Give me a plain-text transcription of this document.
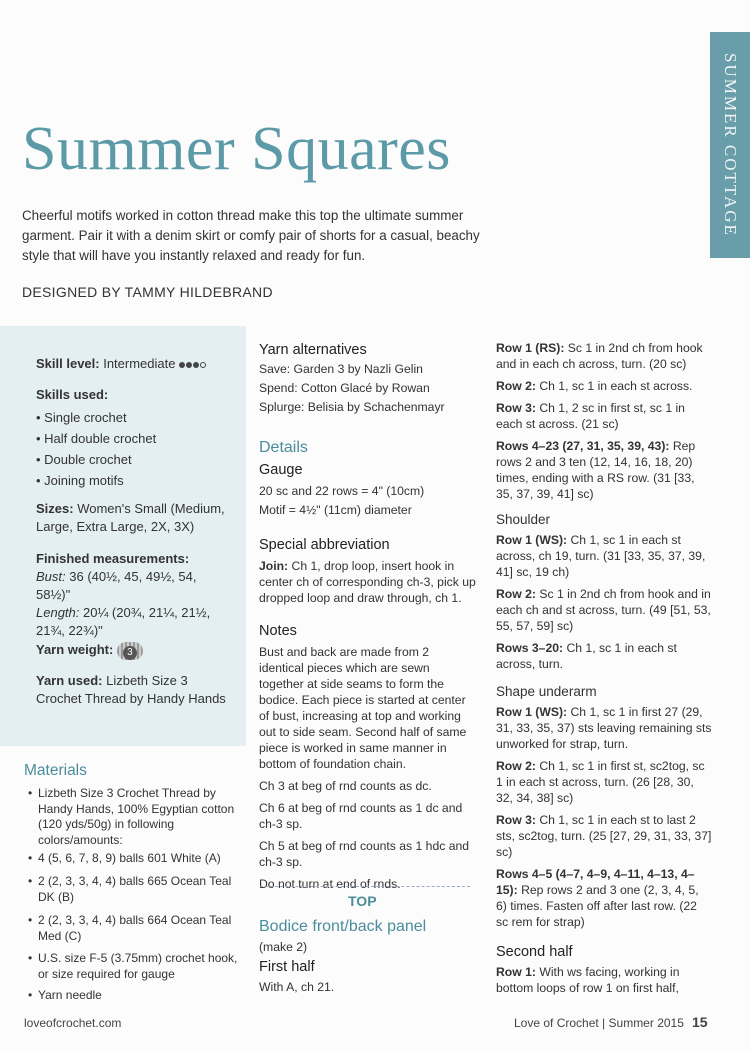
SUMMER COTTAGE
Summer Squares
Cheerful motifs worked in cotton thread make this top the ultimate summer garment. Pair it with a denim skirt or comfy pair of shorts for a casual, beachy style that will have you instantly relaxed and ready for fun.
DESIGNED BY TAMMY HILDEBRAND
Skill level: Intermediate
Skills used:
• Single crochet
• Half double crochet
• Double crochet
• Joining motifs
Sizes: Women's Small (Medium, Large, Extra Large, 2X, 3X)
Finished measurements:
Bust: 36 (40½, 45, 49½, 54, 58½)"
Length: 20¼ (20¾, 21¼, 21½, 21¾, 22¾)"
Yarn weight: 3
Yarn used: Lizbeth Size 3 Crochet Thread by Handy Hands
Materials
• Lizbeth Size 3 Crochet Thread by Handy Hands, 100% Egyptian cotton (120 yds/50g) in following colors/amounts:
• 4 (5, 6, 7, 8, 9) balls 601 White (A)
• 2 (2, 3, 3, 4, 4) balls 665 Ocean Teal DK (B)
• 2 (2, 3, 3, 4, 4) balls 664 Ocean Teal Med (C)
• U.S. size F-5 (3.75mm) crochet hook, or size required for gauge
• Yarn needle
Yarn alternatives

Save: Garden 3 by Nazli Gelin

Spend: Cotton Glacé by Rowan

Splurge: Belisia by Schachenmayr

Details
Gauge

20 sc and 22 rows = 4" (10cm)

Motif = 4½" (11cm) diameter

Special abbreviation

Join: Ch 1, drop loop, insert hook in center ch of corresponding ch-3, pick up dropped loop and draw through, ch 1.

Notes

Bust and back are made from 2 identical pieces which are sewn together at side seams to form the bodice. Each piece is started at center of bust, increasing at top and working out to side seam. Second half of same piece is worked in same manner in bottom of foundation chain.

Ch 3 at beg of rnd counts as dc.

Ch 6 at beg of rnd counts as 1 dc and ch-3 sp.

Ch 5 at beg of rnd counts as 1 hdc and ch-3 sp.

Do not turn at end of rnds.

TOP
Bodice front/back panel

(make 2)

First half

With A, ch 21.

Row 1 (RS): Sc 1 in 2nd ch from hook and in each ch across, turn. (20 sc)

Row 2: Ch 1, sc 1 in each st across.

Row 3: Ch 1, 2 sc in first st, sc 1 in each st across. (21 sc)

Rows 4–23 (27, 31, 35, 39, 43): Rep rows 2 and 3 ten (12, 14, 16, 18, 20) times, ending with a RS row. (31 [33, 35, 37, 39, 41] sc)

Shoulder

Row 1 (WS): Ch 1, sc 1 in each st across, ch 19, turn. (31 [33, 35, 37, 39, 41] sc, 19 ch)

Row 2: Sc 1 in 2nd ch from hook and in each ch and st across, turn. (49 [51, 53, 55, 57, 59] sc)

Rows 3–20: Ch 1, sc 1 in each st across, turn.

Shape underarm

Row 1 (WS): Ch 1, sc 1 in first 27 (29, 31, 33, 35, 37) sts leaving remaining sts unworked for strap, turn.

Row 2: Ch 1, sc 1 in first st, sc2tog, sc 1 in each st across, turn. (26 [28, 30, 32, 34, 38] sc)

Row 3: Ch 1, sc 1 in each st to last 2 sts, sc2tog, turn. (25 [27, 29, 31, 33, 37] sc)

Rows 4–5 (4–7, 4–9, 4–11, 4–13, 4–15): Rep rows 2 and 3 one (2, 3, 4, 5, 6) times. Fasten off after last row. (22 sc rem for strap)

Second half

Row 1: With ws facing, working in bottom loops of row 1 on first half,

loveofcrochet.com	Love of Crochet | Summer 2015 15
